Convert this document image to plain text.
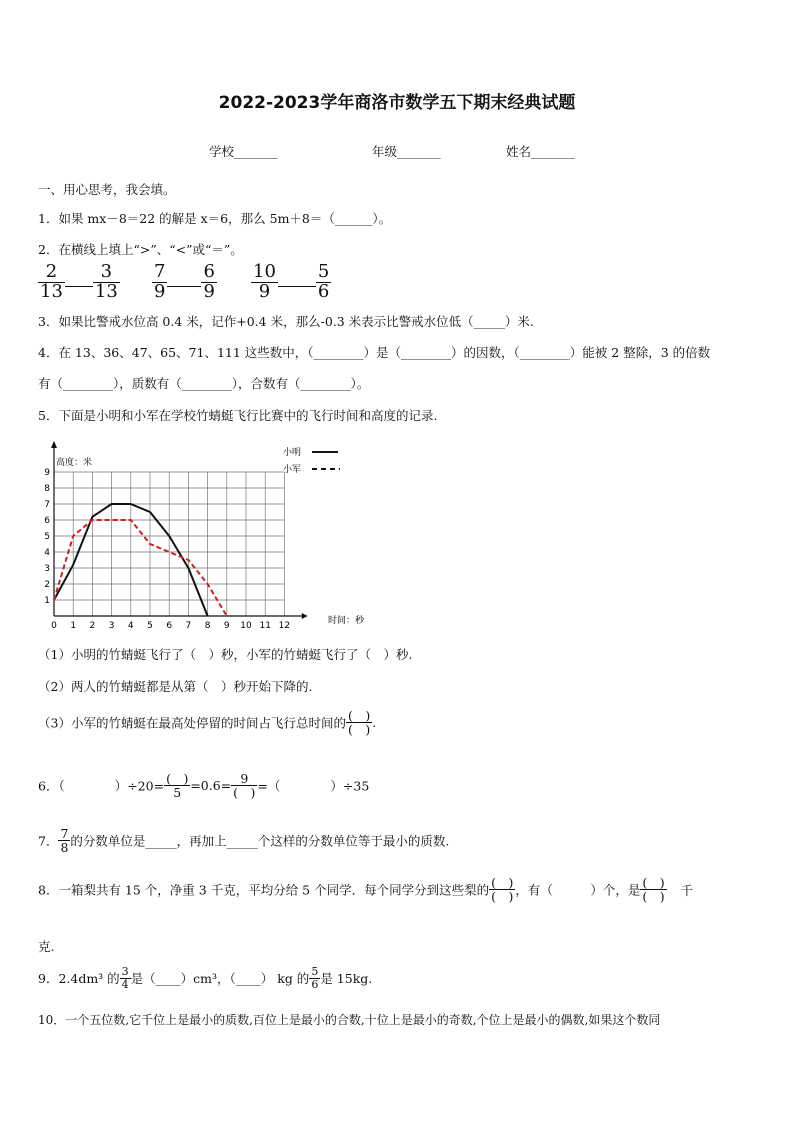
2022-2023学年商洛市数学五下期末经典试题
学校_______	年级_______	姓名_______
一、用心思考，我会填。
1．如果 mx－8＝22 的解是 x＝6，那么 5m＋8＝（______）。
2．在横线上填上“>”、“<”或“＝”。
$\frac{2}{13} \frac{3}{13} \frac{7}{9} \frac{6}{9} \frac{10}{9} \frac{5}{6}$
3．如果比警戒水位高 0.4 米，记作+0.4 米，那么-0.3 米表示比警戒水位低（_____）米.
4．在 13、36、47、65、71、111 这些数中，（________）是（________）的因数，（________）能被 2 整除，3 的倍数
有（________），质数有（________），合数有（________）。
5．下面是小明和小军在学校竹蜻蜓飞行比赛中的飞行时间和高度的记录.
0 1 2 3 4 5 6 7 8 9 10 11 12
1
2
3
4
5
6
7
8
9
高度：米
时间：秒
小明
小军
（1）小明的竹蜻蜓飞行了（　）秒，小军的竹蜻蜓飞行了（　）秒.
（2）两人的竹蜻蜓都是从第（　）秒开始下降的.
（3）小军的竹蜻蜓在最高处停留的时间占飞行总时间的 $\frac{( )}{( )}$ .
6．（　　　　）$\div 20= \frac{( )}{5} =0.6= \frac{9}{( )}$ =（　　　　）÷35
7． $\frac{7}{8}$ 的分数单位是_____，再加上_____个这样的分数单位等于最小的质数.
8．一箱梨共有 15 个，净重 3 千克，平均分给 5 个同学．每个同学分到这些梨的 $\frac{( )}{( )}$ ，有（　　　）个，是 $\frac{( )}{( )}$ 千
克.
9．2.4dm³ 的 $\frac{3}{4}$ 是（____）cm³，（____） kg 的 $\frac{5}{6}$ 是 15kg.
10．一个五位数,它千位上是最小的质数,百位上是最小的合数,十位上是最小的奇数,个位上是最小的偶数,如果这个数同
